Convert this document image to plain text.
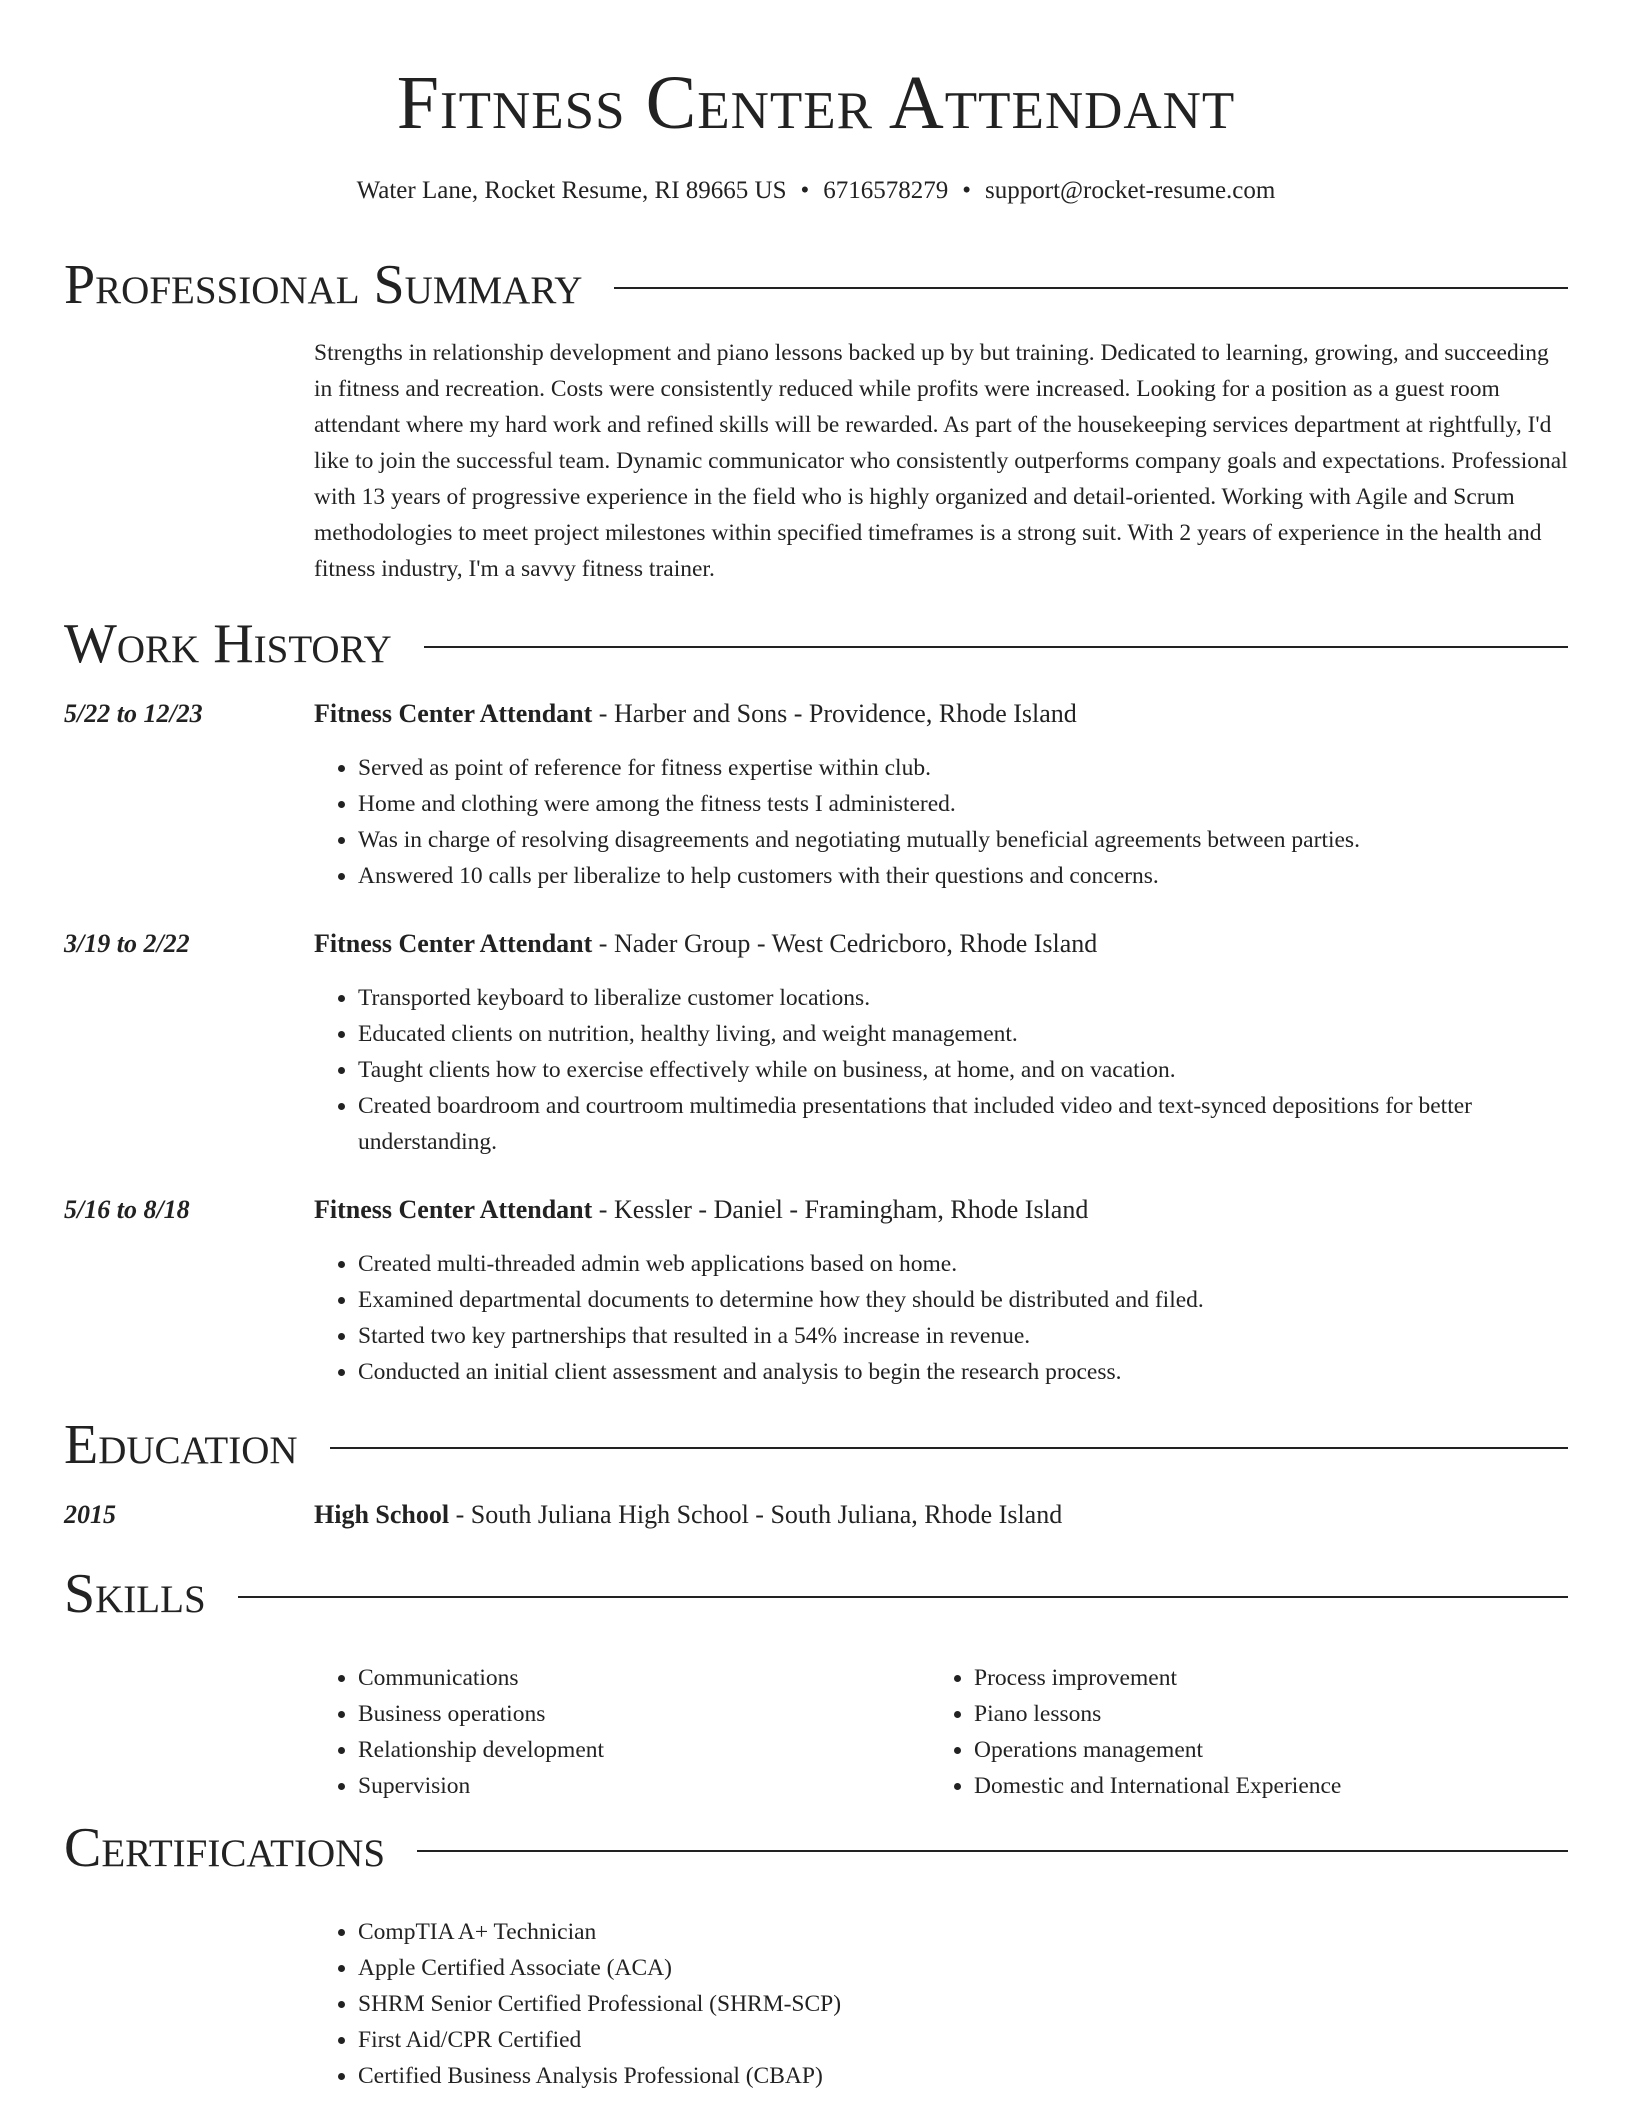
Fitness Center Attendant
Water Lane, Rocket Resume, RI 89665 US • 6716578279 • support@rocket-resume.com
Professional Summary
Strengths in relationship development and piano lessons backed up by but training. Dedicated to learning, growing, and succeeding in fitness and recreation. Costs were consistently reduced while profits were increased. Looking for a position as a guest room attendant where my hard work and refined skills will be rewarded. As part of the housekeeping services department at rightfully, I'd like to join the successful team. Dynamic communicator who consistently outperforms company goals and expectations. Professional with 13 years of progressive experience in the field who is highly organized and detail-oriented. Working with Agile and Scrum methodologies to meet project milestones within specified timeframes is a strong suit. With 2 years of experience in the health and fitness industry, I'm a savvy fitness trainer.
Work History
5/22 to 12/23	Fitness Center Attendant - Harber and Sons - Providence, Rhode Island
• Served as point of reference for fitness expertise within club.
• Home and clothing were among the fitness tests I administered.
• Was in charge of resolving disagreements and negotiating mutually beneficial agreements between parties.
• Answered 10 calls per liberalize to help customers with their questions and concerns.
3/19 to 2/22	Fitness Center Attendant - Nader Group - West Cedricboro, Rhode Island
• Transported keyboard to liberalize customer locations.
• Educated clients on nutrition, healthy living, and weight management.
• Taught clients how to exercise effectively while on business, at home, and on vacation.
• Created boardroom and courtroom multimedia presentations that included video and text-synced depositions for better understanding.
5/16 to 8/18	Fitness Center Attendant - Kessler - Daniel - Framingham, Rhode Island
• Created multi-threaded admin web applications based on home.
• Examined departmental documents to determine how they should be distributed and filed.
• Started two key partnerships that resulted in a 54% increase in revenue.
• Conducted an initial client assessment and analysis to begin the research process.
Education
2015	High School - South Juliana High School - South Juliana, Rhode Island
Skills
• Communications
• Business operations
• Relationship development
• Supervision
• Process improvement
• Piano lessons
• Operations management
• Domestic and International Experience
Certifications
• CompTIA A+ Technician
• Apple Certified Associate (ACA)
• SHRM Senior Certified Professional (SHRM-SCP)
• First Aid/CPR Certified
• Certified Business Analysis Professional (CBAP)
